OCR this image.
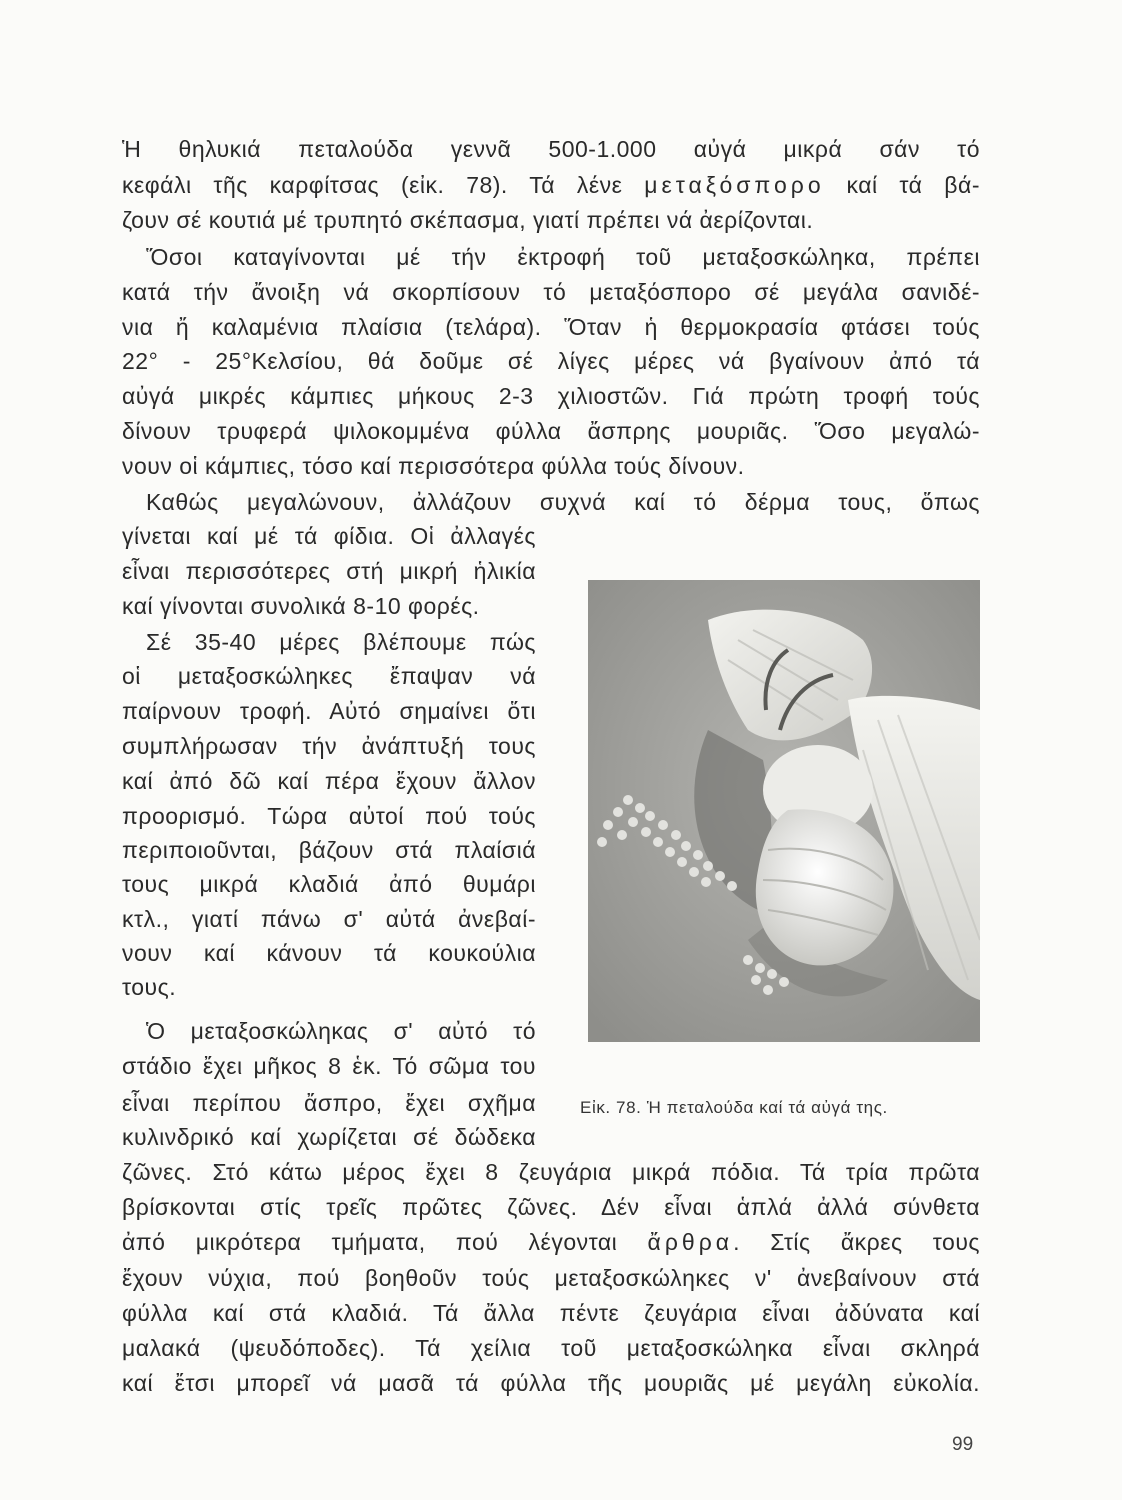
Ἡ θηλυκιά πεταλούδα γεννᾶ 500-1.000 αὐγά μικρά σάν τό
κεφάλι τῆς καρφίτσας (εἰκ. 78). Τά λένε μεταξόσπορο καί τά βά-
ζουν σέ κουτιά μέ τρυπητό σκέπασμα, γιατί πρέπει νά ἀερίζονται.
Ὅσοι καταγίνονται μέ τήν ἐκτροφή τοῦ μεταξοσκώληκα, πρέπει
κατά τήν ἄνοιξη νά σκορπίσουν τό μεταξόσπορο σέ μεγάλα σανιδέ-
νια ἤ καλαμένια πλαίσια (τελάρα). Ὅταν ἡ θερμοκρασία φτάσει τούς
22° - 25°Κελσίου, θά δοῦμε σέ λίγες μέρες νά βγαίνουν ἀπό τά
αὐγά μικρές κάμπιες μήκους 2-3 χιλιοστῶν. Γιά πρώτη τροφή τούς
δίνουν τρυφερά ψιλοκομμένα φύλλα ἄσπρης μουριᾶς. Ὅσο μεγαλώ-
νουν οἱ κάμπιες, τόσο καί περισσότερα φύλλα τούς δίνουν.
Καθώς μεγαλώνουν, ἀλλάζουν συχνά καί τό δέρμα τους, ὅπως
γίνεται καί μέ τά φίδια. Οἱ ἀλλαγές
εἶναι περισσότερες στή μικρή ἡλικία
καί γίνονται συνολικά 8-10 φορές.
Σέ 35-40 μέρες βλέπουμε πώς
οἱ μεταξοσκώληκες ἔπαψαν νά
παίρνουν τροφή. Αὐτό σημαίνει ὅτι
συμπλήρωσαν τήν ἀνάπτυξή τους
καί ἀπό δῶ καί πέρα ἔχουν ἄλλον
προορισμό. Τώρα αὐτοί πού τούς
περιποιοῦνται, βάζουν στά πλαίσιά
τους μικρά κλαδιά ἀπό θυμάρι
κτλ., γιατί πάνω σ' αὐτά ἀνεβαί-
νουν καί κάνουν τά κουκούλια
τους.
Ὁ μεταξοσκώληκας σ' αὐτό τό
στάδιο ἔχει μῆκος 8 ἑκ. Τό σῶμα του
εἶναι περίπου ἄσπρο, ἔχει σχῆμα
κυλινδρικό καί χωρίζεται σέ δώδεκα
ζῶνες. Στό κάτω μέρος ἔχει 8 ζευγάρια μικρά πόδια. Τά τρία πρῶτα
βρίσκονται στίς τρεῖς πρῶτες ζῶνες. Δέν εἶναι ἁπλά ἀλλά σύνθετα
ἀπό μικρότερα τμήματα, πού λέγονται ἄρθρα. Στίς ἄκρες τους
ἔχουν νύχια, πού βοηθοῦν τούς μεταξοσκώληκες ν' ἀνεβαίνουν στά
φύλλα καί στά κλαδιά. Τά ἄλλα πέντε ζευγάρια εἶναι ἀδύνατα καί
μαλακά (ψευδόποδες). Τά χείλια τοῦ μεταξοσκώληκα εἶναι σκληρά
καί ἔτσι μπορεῖ νά μασᾶ τά φύλλα τῆς μουριᾶς μέ μεγάλη εὐκολία.
Εἰκ. 78. Ἡ πεταλούδα καί τά αὐγά της.
99
